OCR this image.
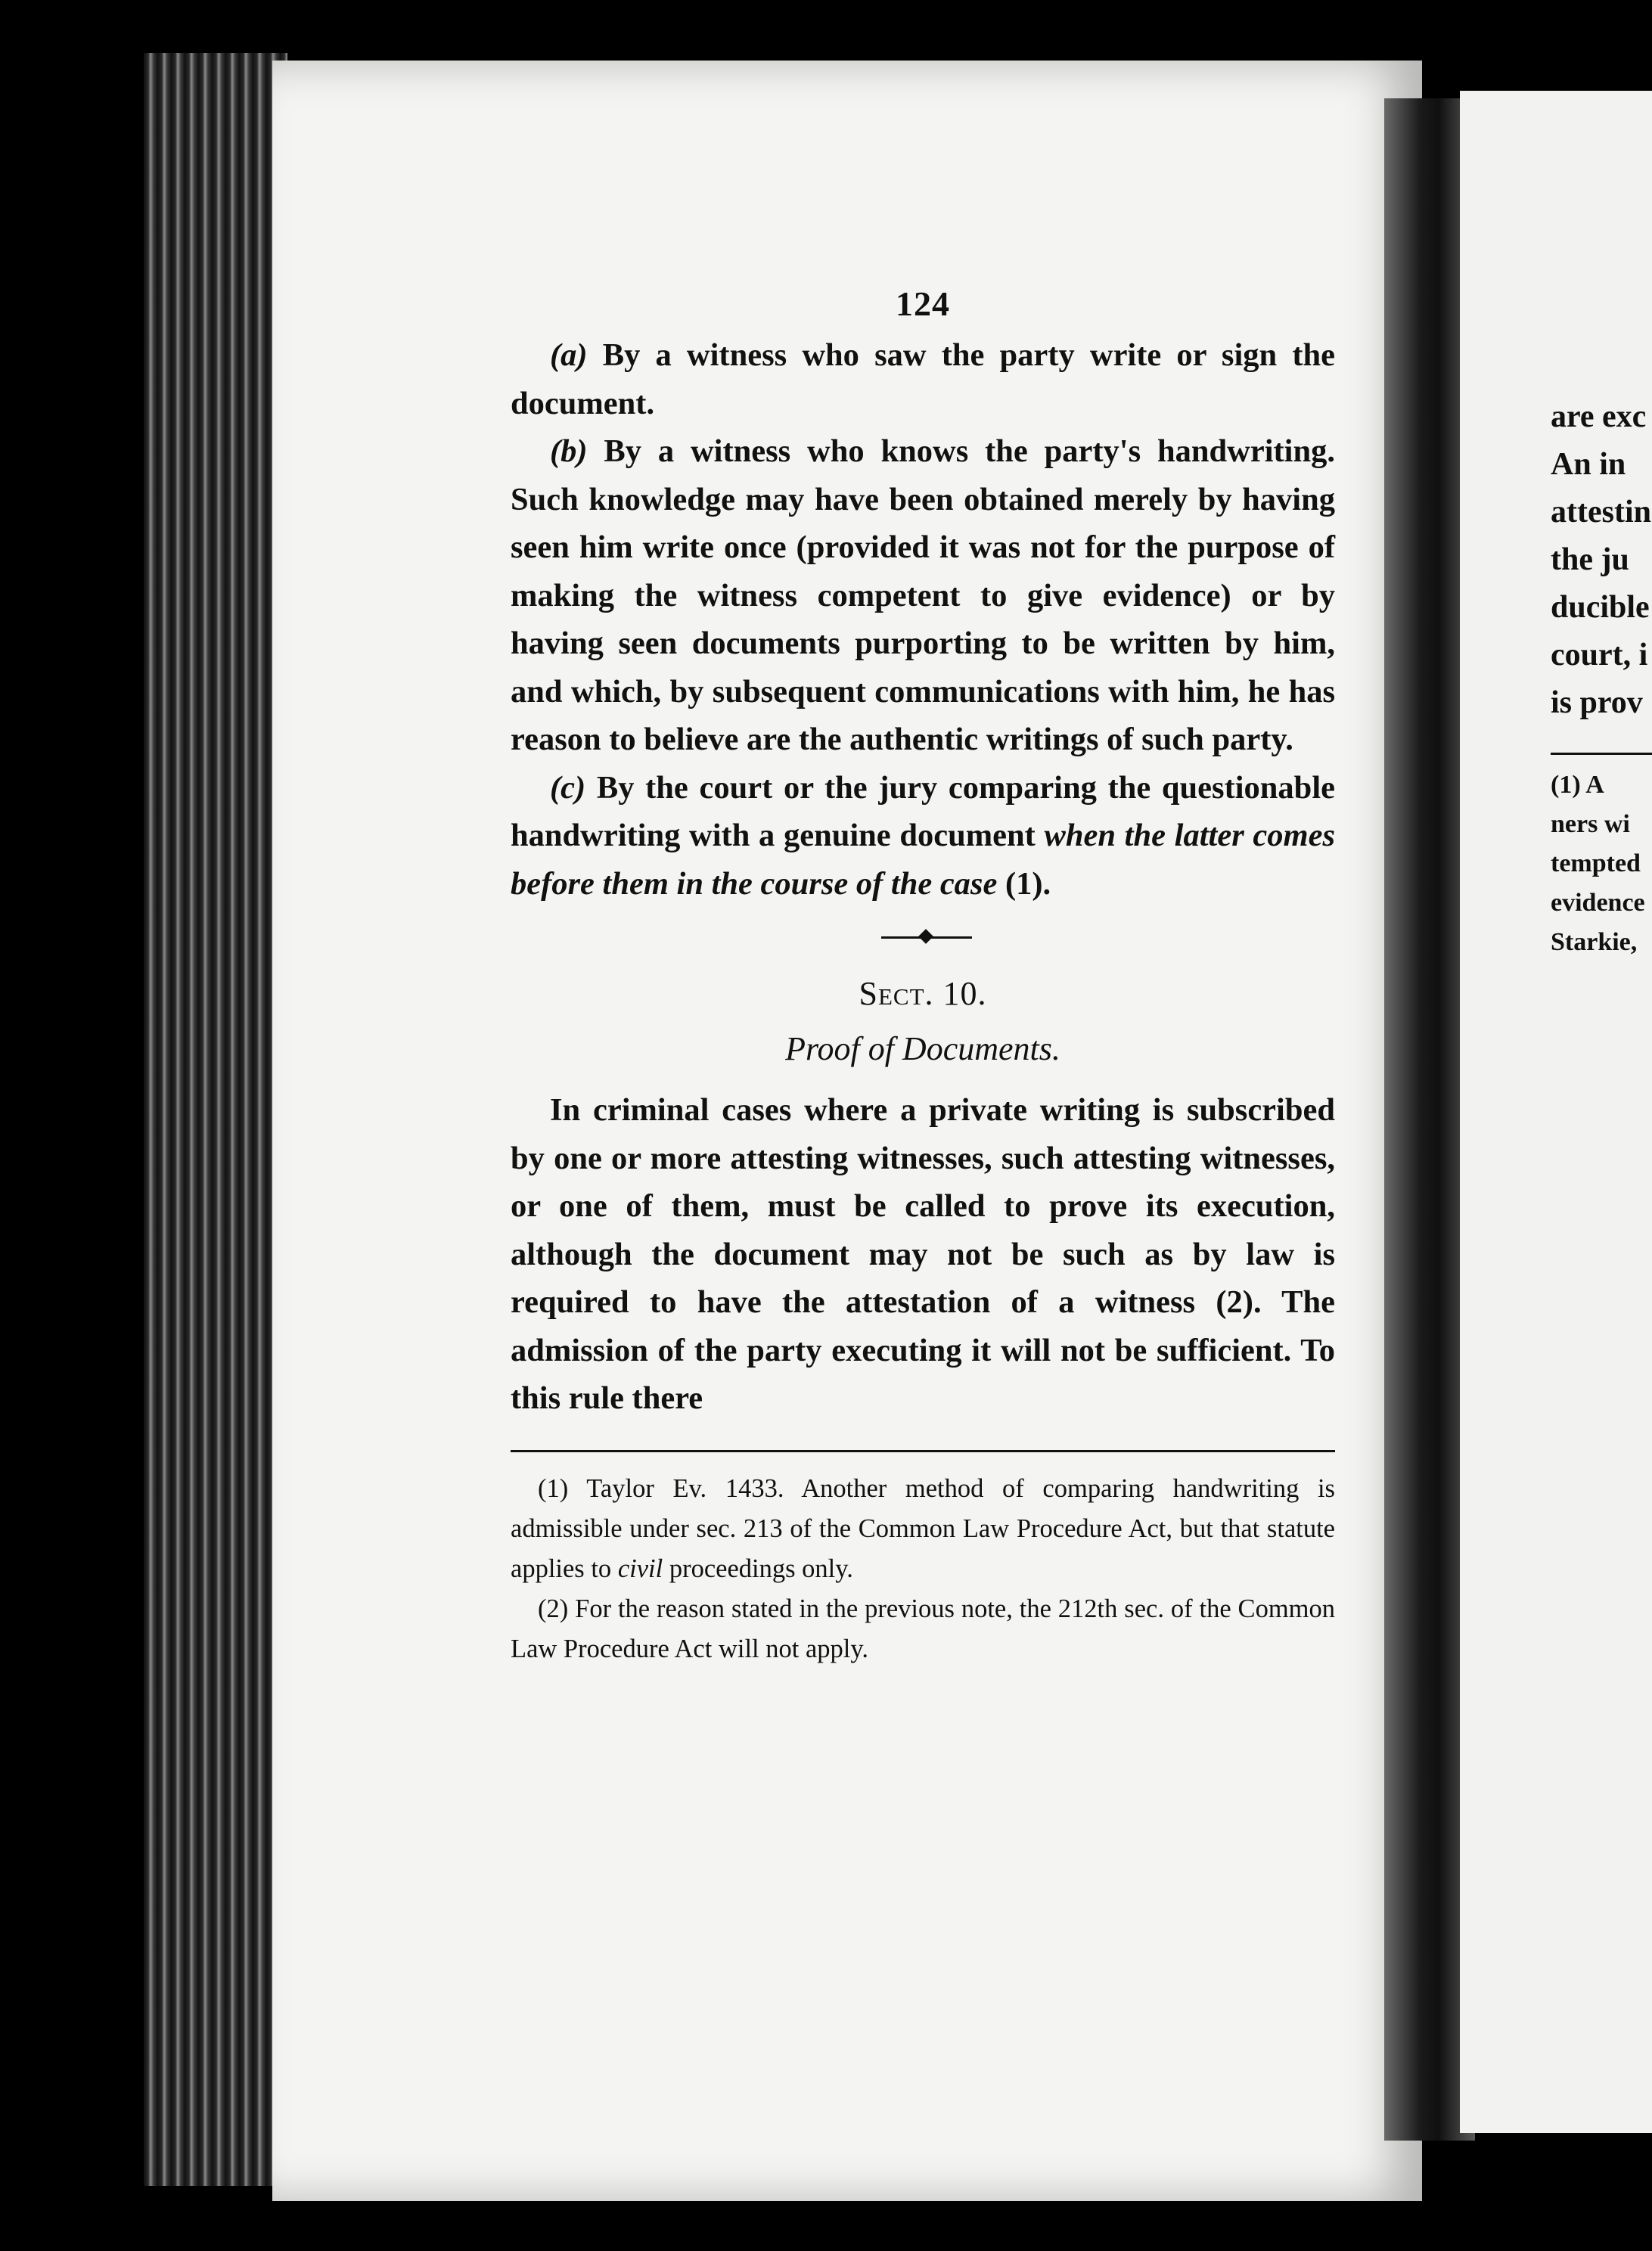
124

(a) By a witness who saw the party write or sign the document.

(b) By a witness who knows the party's handwriting. Such knowledge may have been obtained merely by having seen him write once (provided it was not for the purpose of making the witness competent to give evidence) or by having seen documents purporting to be written by him, and which, by subsequent communications with him, he has reason to believe are the authentic writings of such party.

(c) By the court or the jury comparing the questionable handwriting with a genuine document when the latter comes before them in the course of the case (1).

Sect. 10.
Proof of Documents.

In criminal cases where a private writing is subscribed by one or more attesting witnesses, such attesting witnesses, or one of them, must be called to prove its execution, although the document may not be such as by law is required to have the attestation of a witness (2). The admission of the party executing it will not be sufficient. To this rule there

(1) Taylor Ev. 1433. Another method of comparing handwriting is admissible under sec. 213 of the Common Law Procedure Act, but that statute applies to civil proceedings only.

(2) For the reason stated in the previous note, the 212th sec. of the Common Law Procedure Act will not apply.

are exc
An in
attestin
the ju
ducible
court, i
is prov
(1) A
ners wi
tempted
evidence
Starkie,
